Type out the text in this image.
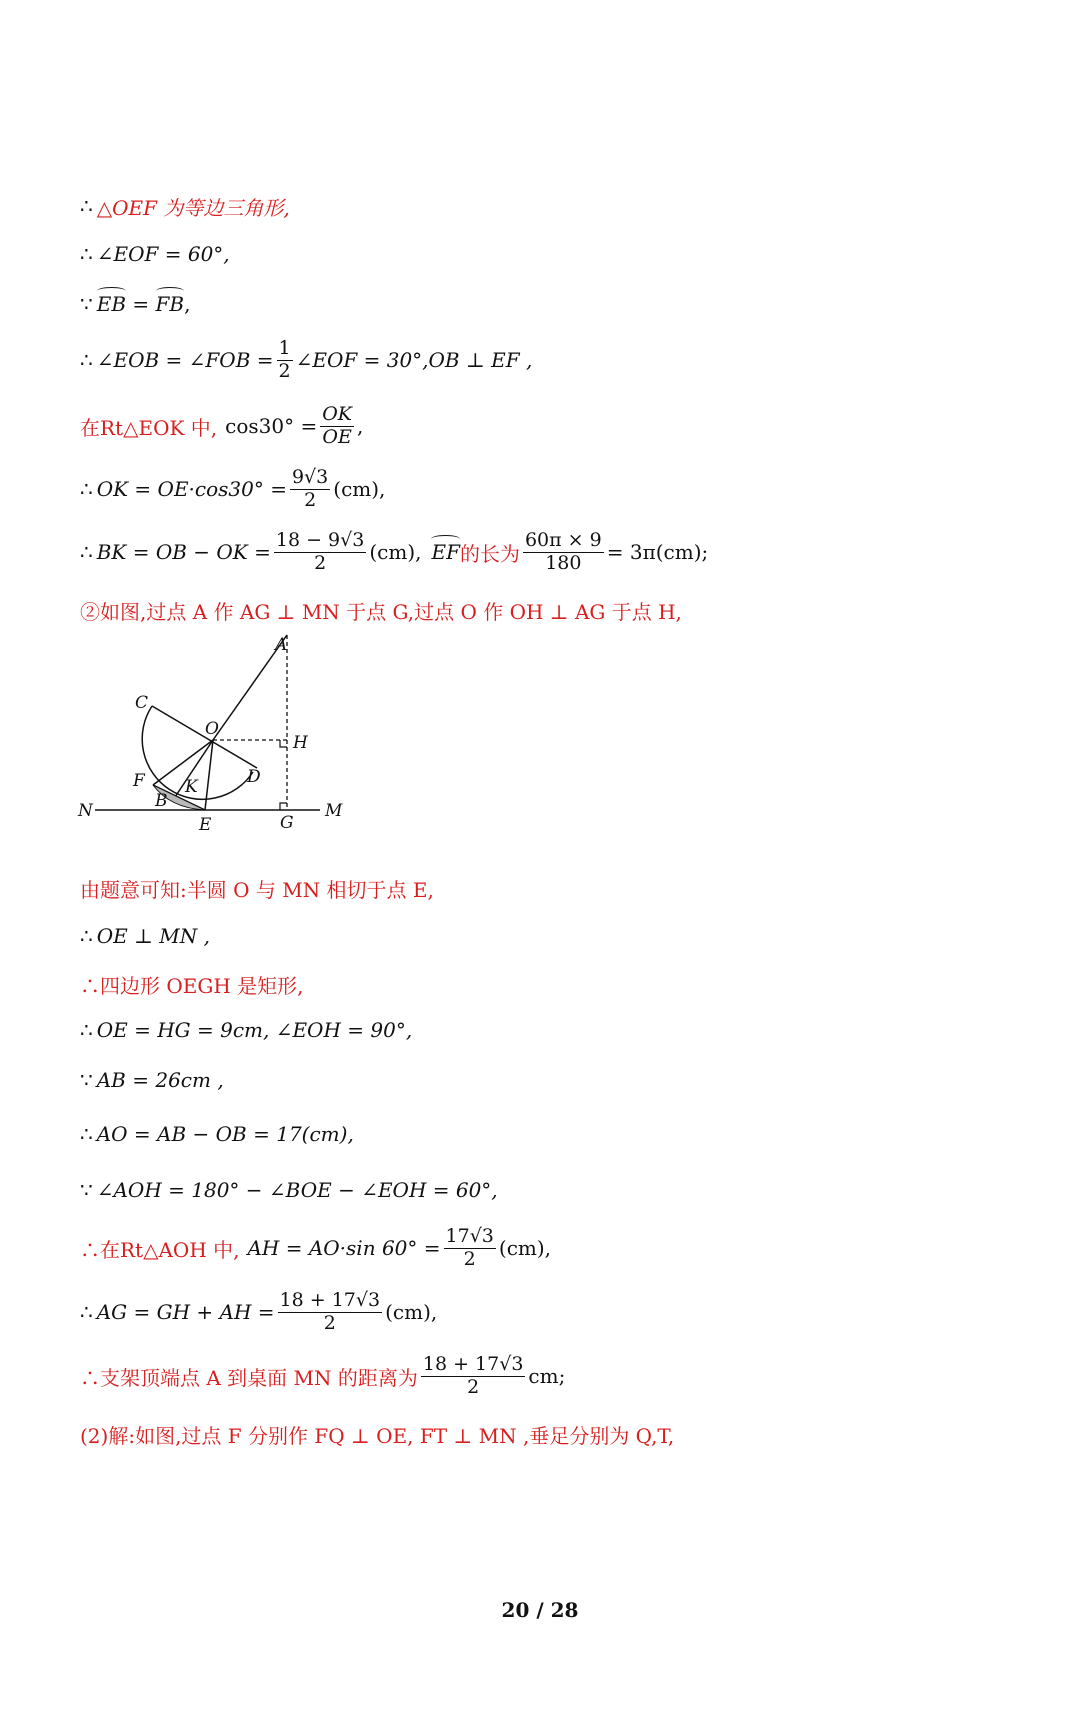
∴ △OEF 为等边三角形,
∴ ∠EOF = 60°,
∵ EB = FB ,
∴ ∠EOB = ∠FOB = $\frac{1}{2}$ ∠EOF = 30°,OB ⊥ EF ,
在Rt△EOK 中, $\cos 30^\circ = \frac{OK}{OE}$ ,
∴ OK = $OE\cdot\cos 30^\circ = \frac{9√3}{2} (cm)$,
∴ BK = OB − OK = $\frac{18 - 9√3}{2} (cm)$, EF 的长为 $\frac{60\pi \times 9}{180} = 3\pi(cm)$;
②如图,过点 A 作 AG ⊥ MN 于点 G,过点 O 作 OH ⊥ AG 于点 H,
A
C
O
H
F K	D
B
N
E	G
M
由题意可知:半圆 O 与 MN 相切于点 E,
∴ OE ⊥ MN ,
∴四边形 OEGH 是矩形,
∴ OE = HG = 9cm, ∠EOH = 90°,
∵ AB = 26cm ,
∴ AO = AB − OB = 17(cm),
∵ ∠AOH = 180° − ∠BOE − ∠EOH = 60°,
∴在Rt△AOH 中, AH = AO·sin $60^\circ = \frac{17√3}{2} (cm)$,
∴ AG = GH + AH = $\frac{18 + 17√3}{2} (cm)$,
∴支架顶端点 A 到桌面 MN 的距离为 $\frac{18 + 17√3}{2}$ cm;
(2)解:如图,过点 F 分别作 FQ ⊥ OE, FT ⊥ MN ,垂足分别为 Q,T,
20 / 28
